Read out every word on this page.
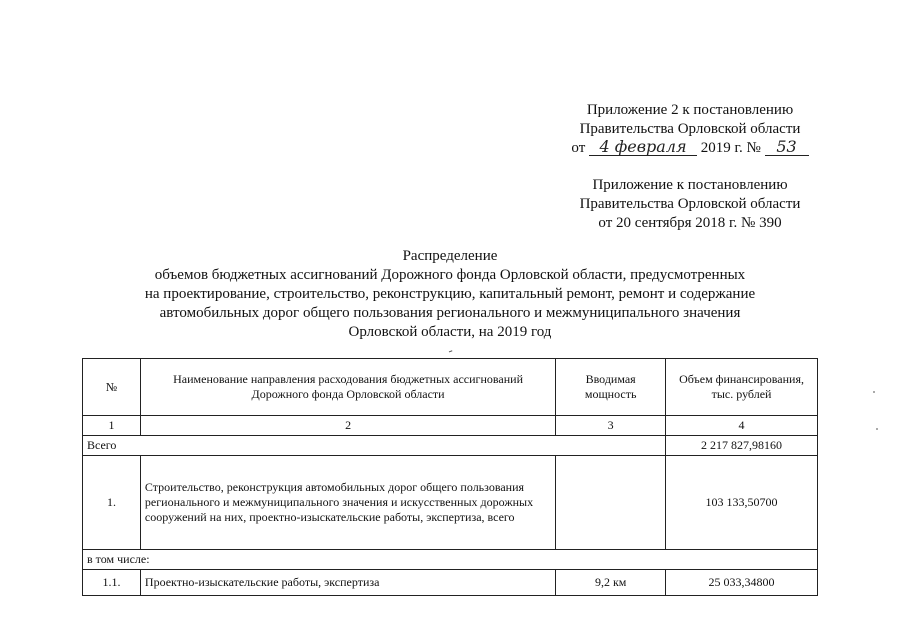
Приложение 2 к постановлению
Правительства Орловской области
от 4 февраля 2019 г. № 53
Приложение к постановлению
Правительства Орловской области
от 20 сентября 2018 г. № 390
Распределение
объемов бюджетных ассигнований Дорожного фонда Орловской области, предусмотренных
на проектирование, строительство, реконструкцию, капитальный ремонт, ремонт и содержание
автомобильных дорог общего пользования регионального и межмуниципального значения
Орловской области, на 2019 год
ـ
№	Наименование направления расходования бюджетных ассигнований Дорожного фонда Орловской области	Вводимая мощность	Объем финансирования, тыс. рублей
1	2	3	4
Всего			2 217 827,98160
1.	Строительство, реконструкция автомобильных дорог общего пользования регионального и межмуниципального значения и искусственных дорожных сооружений на них, проектно-изыскательские работы, экспертиза, всего		103 133,50700
в том числе:			
1.1.	Проектно-изыскательские работы, экспертиза	9,2 км	25 033,34800
